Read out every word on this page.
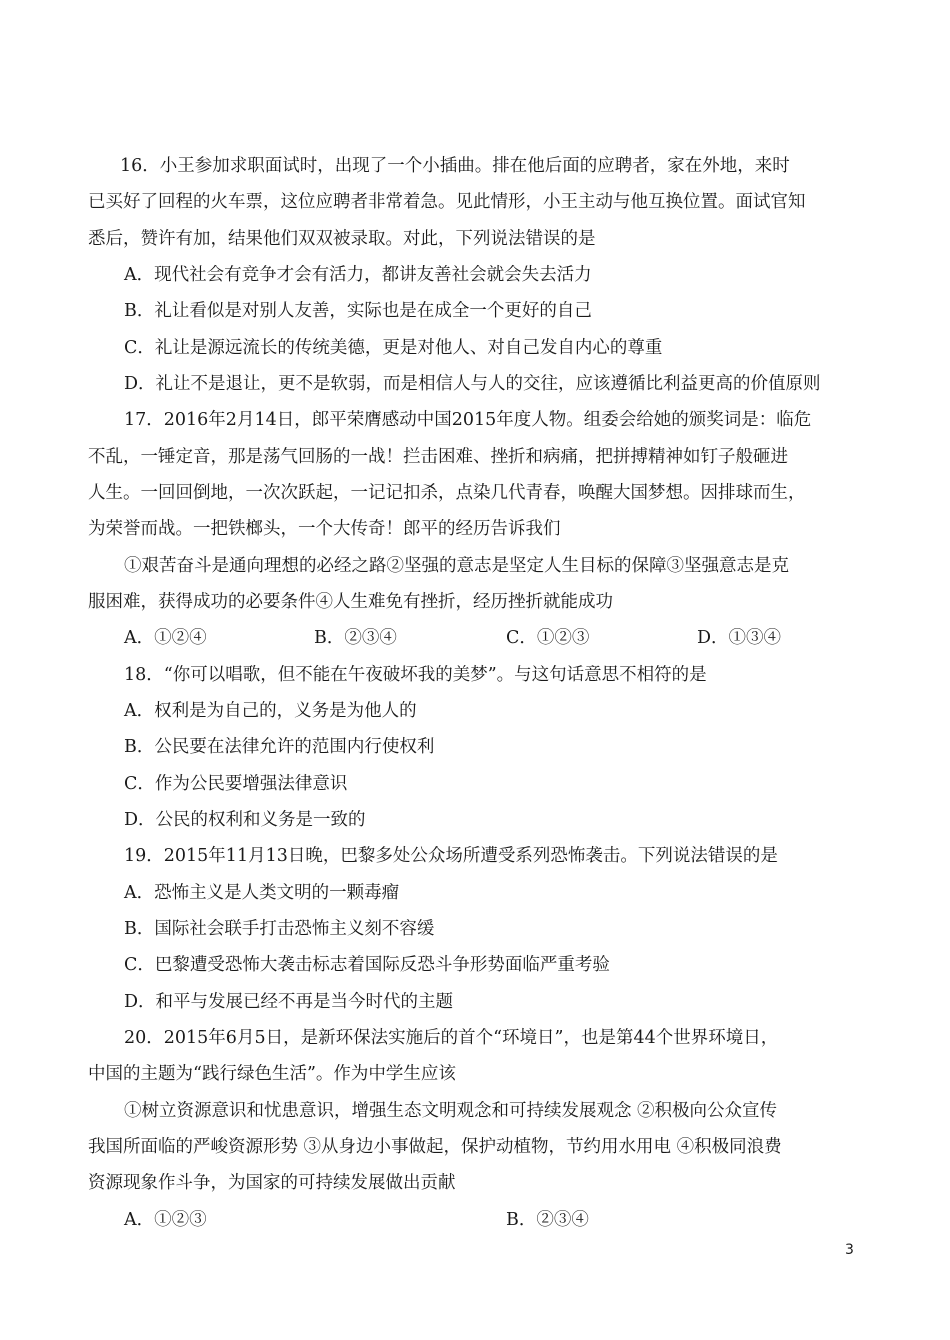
16．小王参加求职面试时，出现了一个小插曲。排在他后面的应聘者，家在外地，来时
已买好了回程的火车票，这位应聘者非常着急。见此情形，小王主动与他互换位置。面试官知
悉后，赞许有加，结果他们双双被录取。对此，下列说法错误的是
A．现代社会有竞争才会有活力，都讲友善社会就会失去活力
B．礼让看似是对别人友善，实际也是在成全一个更好的自己
C．礼让是源远流长的传统美德，更是对他人、对自己发自内心的尊重
D．礼让不是退让，更不是软弱，而是相信人与人的交往，应该遵循比利益更高的价值原则
17．2016年2月14日，郎平荣膺感动中国2015年度人物。组委会给她的颁奖词是：临危
不乱，一锤定音，那是荡气回肠的一战！拦击困难、挫折和病痛，把拼搏精神如钉子般砸进
人生。一回回倒地，一次次跃起，一记记扣杀，点染几代青春，唤醒大国梦想。因排球而生，
为荣誉而战。一把铁榔头，一个大传奇！郎平的经历告诉我们
①艰苦奋斗是通向理想的必经之路②坚强的意志是坚定人生目标的保障③坚强意志是克
服困难，获得成功的必要条件④人生难免有挫折，经历挫折就能成功
A．①②④	B．②③④	C．①②③	D．①③④
18．“你可以唱歌，但不能在午夜破坏我的美梦”。与这句话意思不相符的是
A．权利是为自己的，义务是为他人的
B．公民要在法律允许的范围内行使权利
C．作为公民要增强法律意识
D．公民的权利和义务是一致的
19．2015年11月13日晚，巴黎多处公众场所遭受系列恐怖袭击。下列说法错误的是
A．恐怖主义是人类文明的一颗毒瘤
B．国际社会联手打击恐怖主义刻不容缓
C．巴黎遭受恐怖大袭击标志着国际反恐斗争形势面临严重考验
D．和平与发展已经不再是当今时代的主题
20．2015年6月5日，是新环保法实施后的首个“环境日”，也是第44个世界环境日，
中国的主题为“践行绿色生活”。作为中学生应该
①树立资源意识和忧患意识，增强生态文明观念和可持续发展观念 ②积极向公众宣传
我国所面临的严峻资源形势 ③从身边小事做起，保护动植物，节约用水用电 ④积极同浪费
资源现象作斗争，为国家的可持续发展做出贡献
A．①②③	B．②③④
3
